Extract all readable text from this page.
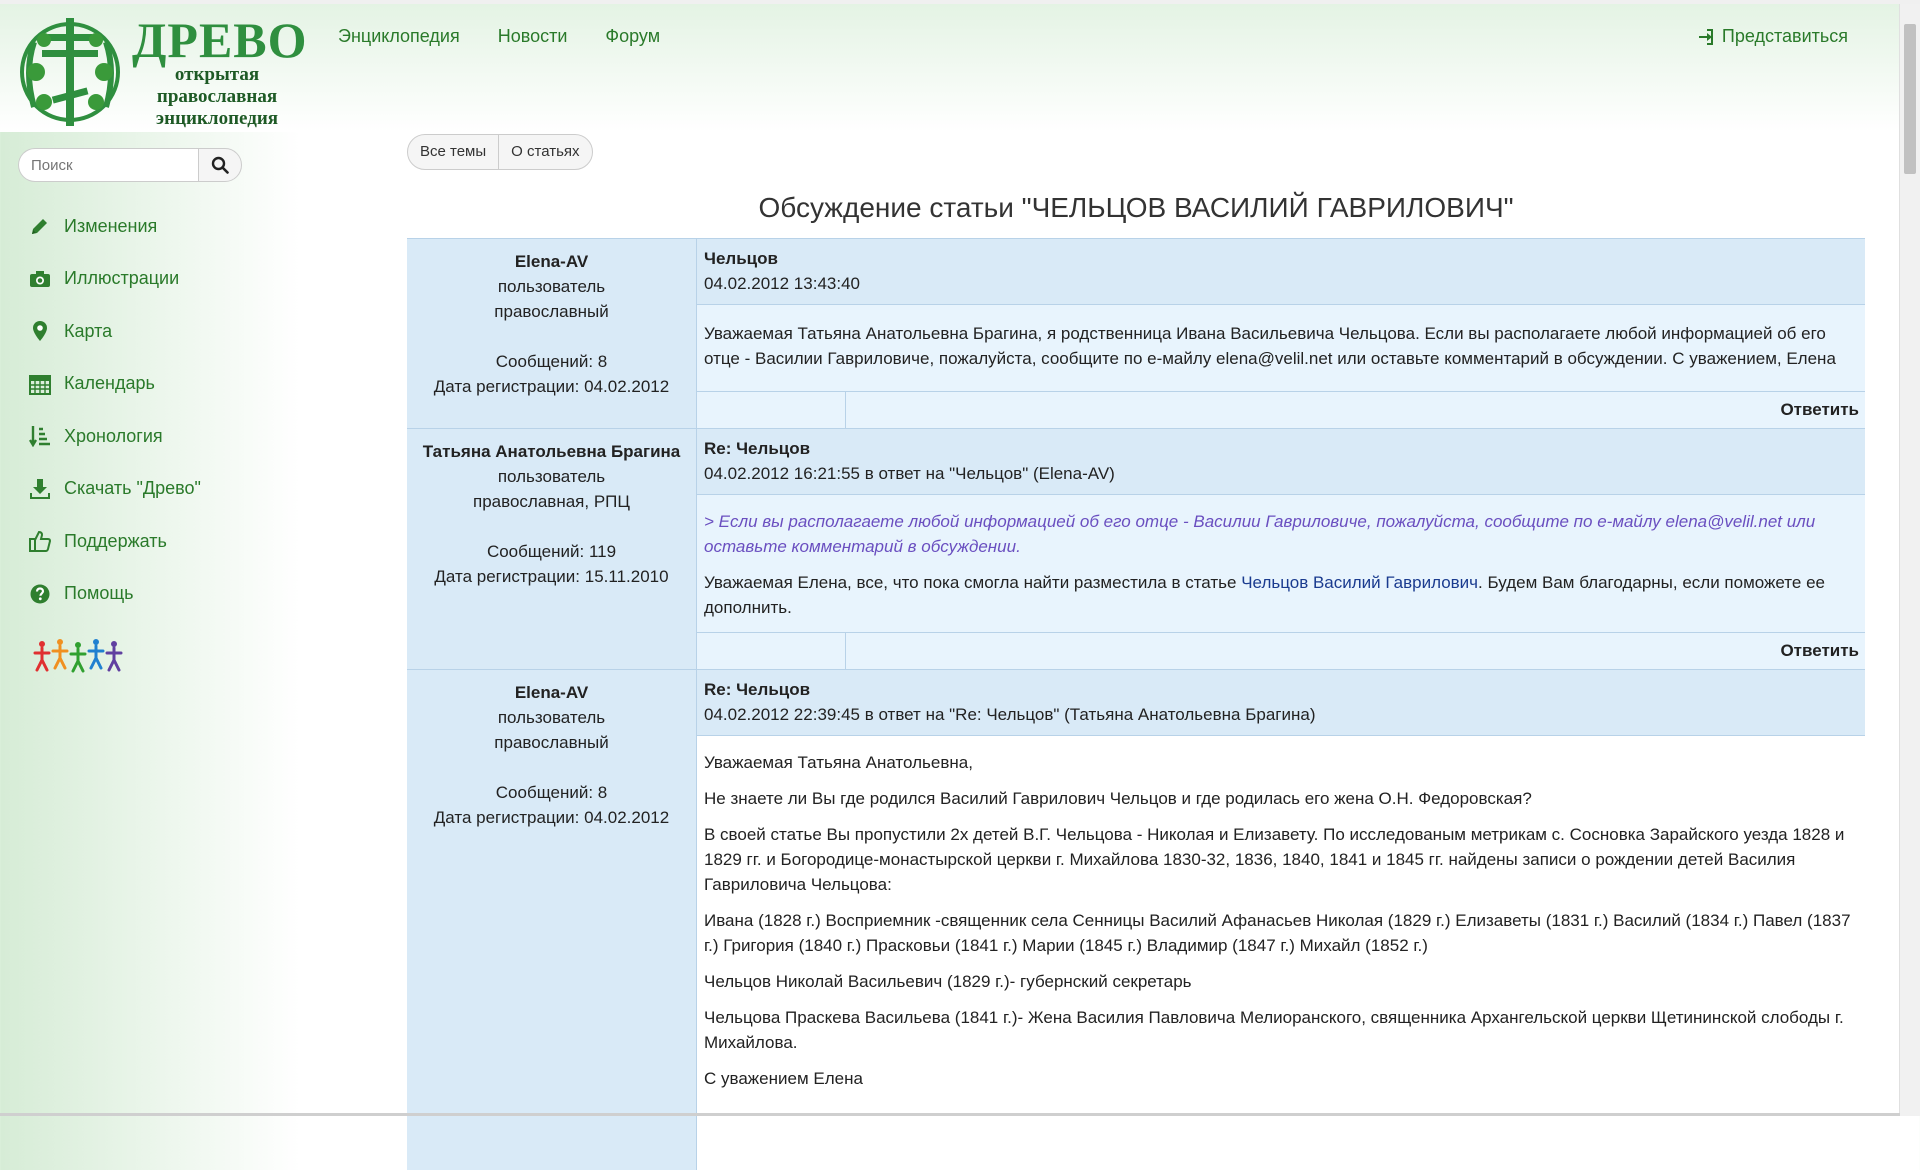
ДРЕВО
открытая
православная
энциклопедия
Энциклопедия Новости Форум	Представиться
Поиск
Изменения
Иллюстрации
Карта
Календарь
Хронология
Скачать "Древо"
Поддержать
Помощь
Все темы	О статьях
Обсуждение статьи "ЧЕЛЬЦОВ ВАСИЛИЙ ГАВРИЛОВИЧ"
Elena-AV
пользователь
православный
Сообщений: 8
Дата регистрации: 04.02.2012
Чельцов
04.02.2012 13:43:40

Уважаемая Татьяна Анатольевна Брагина, я родственница Ивана Васильевича Чельцова. Если вы располагаете любой информацией об его отце - Василии Гавриловиче, пожалуйста, сообщите по е-майлу elena@velil.net или оставьте комментарий в обсуждении. С уважением, Елена

Ответить
Татьяна Анатольевна Брагина
пользователь
православная, РПЦ
Сообщений: 119
Дата регистрации: 15.11.2010
Re: Чельцов
04.02.2012 16:21:55 в ответ на "Чельцов" (Elena-AV)

> Если вы располагаете любой информацией об его отце - Василии Гавриловиче, пожалуйста, сообщите по е-майлу elena@velil.net или оставьте комментарий в обсуждении.

Уважаемая Елена, все, что пока смогла найти разместила в статье Чельцов Василий Гаврилович. Будем Вам благодарны, если поможете ее дополнить.

Ответить
Elena-AV
пользователь
православный
Сообщений: 8
Дата регистрации: 04.02.2012
Re: Чельцов
04.02.2012 22:39:45 в ответ на "Re: Чельцов" (Татьяна Анатольевна Брагина)

Уважаемая Татьяна Анатольевна,

Не знаете ли Вы где родился Василий Гаврилович Чельцов и где родилась его жена О.Н. Федоровская?

В своей статье Вы пропустили 2х детей В.Г. Чельцова - Николая и Елизавету. По исследованым метрикам с. Сосновка Зарайского уезда 1828 и 1829 гг. и Богородице-монастырской церкви г. Михайлова 1830-32, 1836, 1840, 1841 и 1845 гг. найдены записи о рождении детей Василия Гавриловича Чельцова:

Ивана (1828 г.) Восприемник -священник села Сенницы Василий Афанасьев Николая (1829 г.) Елизаветы (1831 г.) Василий (1834 г.) Павел (1837 г.) Григория (1840 г.) Прасковьи (1841 г.) Марии (1845 г.) Владимир (1847 г.) Михайл (1852 г.)

Чельцов Николай Васильевич (1829 г.)- губернский секретарь

Чельцова Праскева Васильева (1841 г.)- Жена Василия Павловича Мелиоранского, священника Архангельской церкви Щетининской слободы г. Михайлова.

С уважением Елена
